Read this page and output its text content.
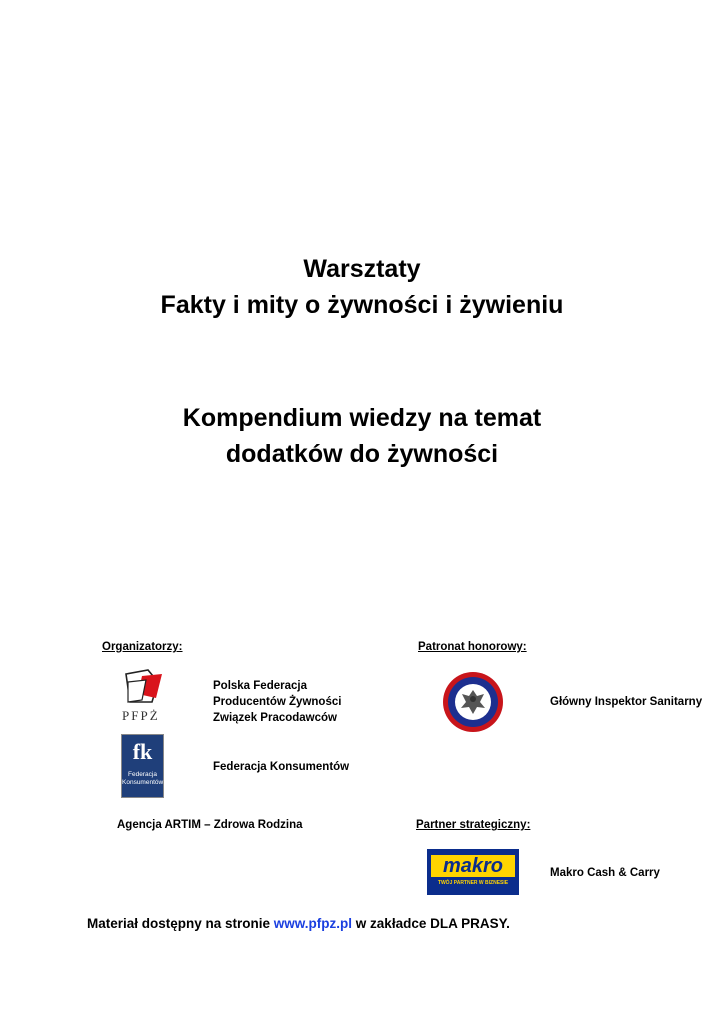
Warsztaty
Fakty i mity o żywności i żywieniu
Kompendium wiedzy na temat
dodatków do żywności
Organizatorzy:	Patronat honorowy:
PFPŻ
Polska Federacja
Producentów Żywności
Związek Pracodawców
Główny Inspektor Sanitarny
fk
Federacja
Konsumentów
Federacja Konsumentów
Agencja ARTIM – Zdrowa Rodzina	Partner strategiczny:
makro
TWÓJ PARTNER W BIZNESIE
Makro Cash & Carry
Materiał dostępny na stronie www.pfpz.pl w zakładce DLA PRASY.
